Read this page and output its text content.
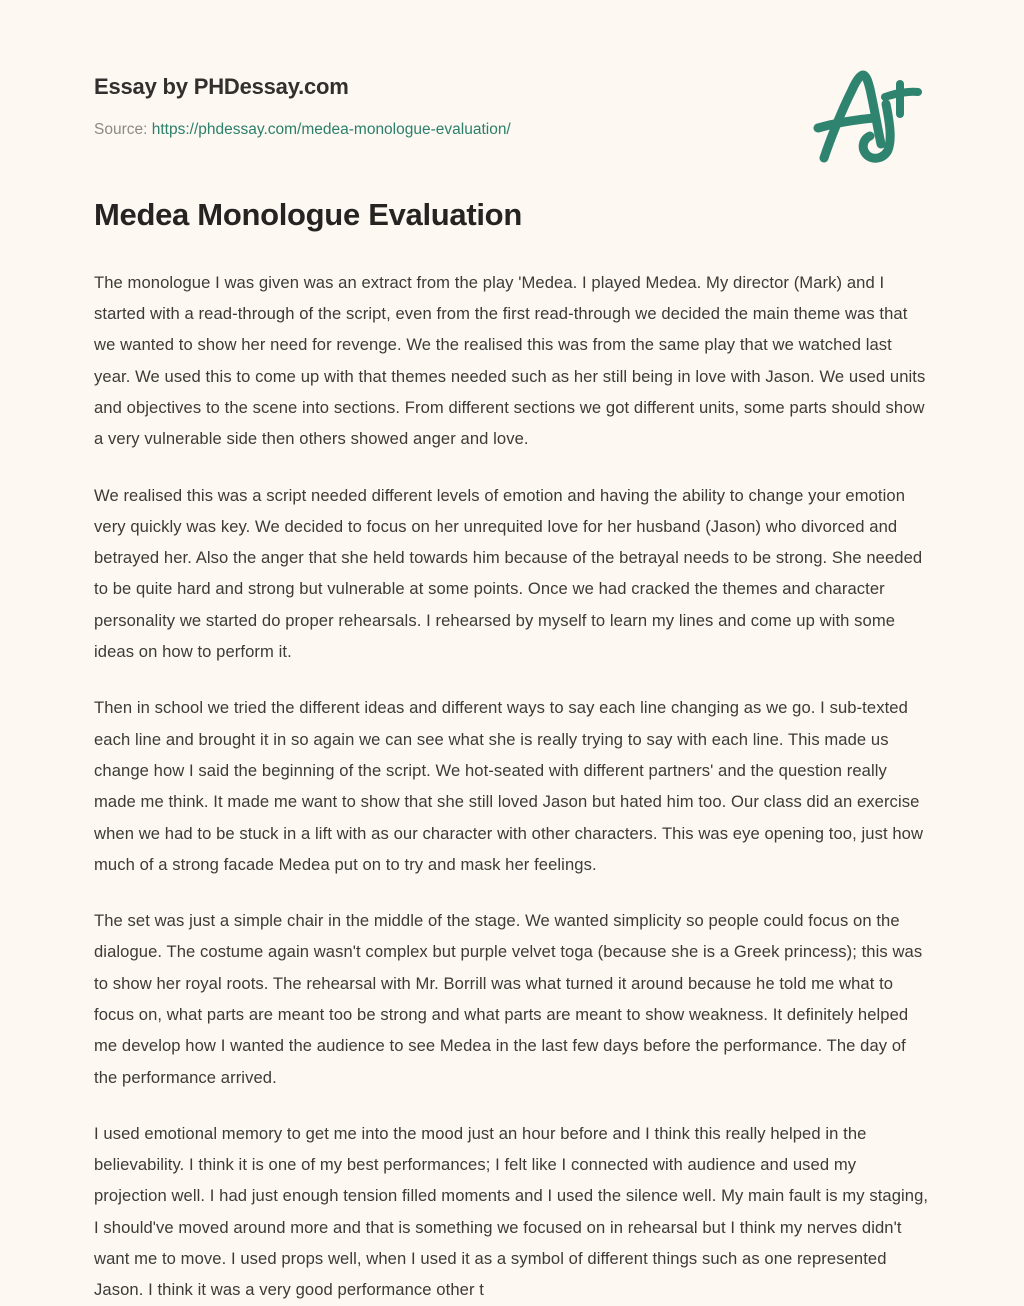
Essay by PHDessay.com
Source: https://phdessay.com/medea-monologue-evaluation/
Medea Monologue Evaluation

The monologue I was given was an extract from the play 'Medea. I played Medea. My director (Mark) and I started with a read-through of the script, even from the first read-through we decided the main theme was that we wanted to show her need for revenge. We the realised this was from the same play that we watched last year. We used this to come up with that themes needed such as her still being in love with Jason. We used units and objectives to the scene into sections. From different sections we got different units, some parts should show a very vulnerable side then others showed anger and love.

We realised this was a script needed different levels of emotion and having the ability to change your emotion very quickly was key. We decided to focus on her unrequited love for her husband (Jason) who divorced and betrayed her. Also the anger that she held towards him because of the betrayal needs to be strong. She needed to be quite hard and strong but vulnerable at some points. Once we had cracked the themes and character personality we started do proper rehearsals. I rehearsed by myself to learn my lines and come up with some ideas on how to perform it.

Then in school we tried the different ideas and different ways to say each line changing as we go. I sub-texted each line and brought it in so again we can see what she is really trying to say with each line. This made us change how I said the beginning of the script. We hot-seated with different partners' and the question really made me think. It made me want to show that she still loved Jason but hated him too. Our class did an exercise when we had to be stuck in a lift with as our character with other characters. This was eye opening too, just how much of a strong facade Medea put on to try and mask her feelings.

The set was just a simple chair in the middle of the stage. We wanted simplicity so people could focus on the dialogue. The costume again wasn't complex but purple velvet toga (because she is a Greek princess); this was to show her royal roots. The rehearsal with Mr. Borrill was what turned it around because he told me what to focus on, what parts are meant too be strong and what parts are meant to show weakness. It definitely helped me develop how I wanted the audience to see Medea in the last few days before the performance. The day of the performance arrived.

I used emotional memory to get me into the mood just an hour before and I think this really helped in the believability. I think it is one of my best performances; I felt like I connected with audience and used my projection well. I had just enough tension filled moments and I used the silence well. My main fault is my staging, I should've moved around more and that is something we focused on in rehearsal but I think my nerves didn't want me to move. I used props well, when I used it as a symbol of different things such as one represented Jason. I think it was a very good performance other t
